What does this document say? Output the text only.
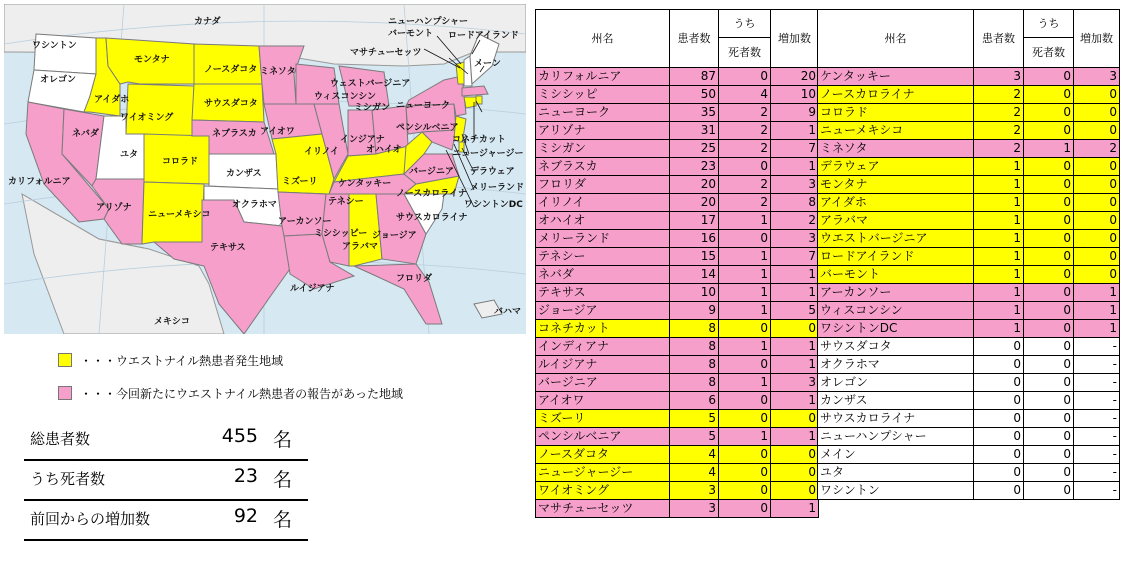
カナダ
メキシコ
バハマ
ワシントン
オレゴン
アイダホ
モンタナ
ワイオミング
ネバダ
ユタ
コロラド
カリフォルニア
アリゾナ
ニューメキシコ
ノースダコタ
サウスダコタ
ネブラスカ
カンザス
オクラホマ
テキサス
ミネソタ
アイオワ
ミズーリ
アーカンソー
ルイジアナ
ウィスコンシン
イリノイ
ミシシッピー
ミシガン
インジアナ
ケンタッキー
テネシー
アラバマ
オハイオ
ジョージア
フロリダ
ウェストバージニア
バージニア
ノースカロライナ
サウスカロライナ
ペンシルベニア
ニューヨーク
ニューハンプシャー
バーモント
マサチューセッツ
ロードアイランド
メーン
コネチカット
ニュージャージー
デラウェア
メリーランド
ワシントンDC
・・・ウエストナイル熱患者発生地域
・・・今回新たにウエストナイル熱患者の報告があった地域
総患者数	455 名
うち死者数	23 名
前回からの増加数	92 名
州名	患者数	うち	増加数
		死者数	
カリフォルニア	87	0	20
ミシシッピ	50	4	10
ニューヨーク	35	2	9
アリゾナ	31	2	1
ミシガン	25	2	7
ネブラスカ	23	0	1
フロリダ	20	2	3
イリノイ	20	2	8
オハイオ	17	1	2
メリーランド	16	0	3
テネシー	15	1	7
ネバダ	14	1	1
テキサス	10	1	1
ジョージア	9	1	5
コネチカット	8	0	0
インディアナ	8	1	1
ルイジアナ	8	0	1
バージニア	8	1	3
アイオワ	6	0	1
ミズーリ	5	0	0
ペンシルベニア	5	1	1
ノースダコタ	4	0	0
ニュージャージー	4	0	0
ワイオミング	3	0	0
マサチューセッツ	3	0	1
州名	患者数	うち	増加数
		死者数	
ケンタッキー	3	0	3
ノースカロライナ	2	0	0
コロラド	2	0	0
ニューメキシコ	2	0	0
ミネソタ	2	1	2
デラウェア	1	0	0
モンタナ	1	0	0
アイダホ	1	0	0
アラバマ	1	0	0
ウエストバージニア	1	0	0
ロードアイランド	1	0	0
バーモント	1	0	0
アーカンソー	1	0	1
ウィスコンシン	1	0	1
ワシントンDC	1	0	1
サウスダコタ	0	0	-
オクラホマ	0	0	-
オレゴン	0	0	-
カンザス	0	0	-
サウスカロライナ	0	0	-
ニューハンプシャー	0	0	-
メイン	0	0	-
ユタ	0	0	-
ワシントン	0	0	-
